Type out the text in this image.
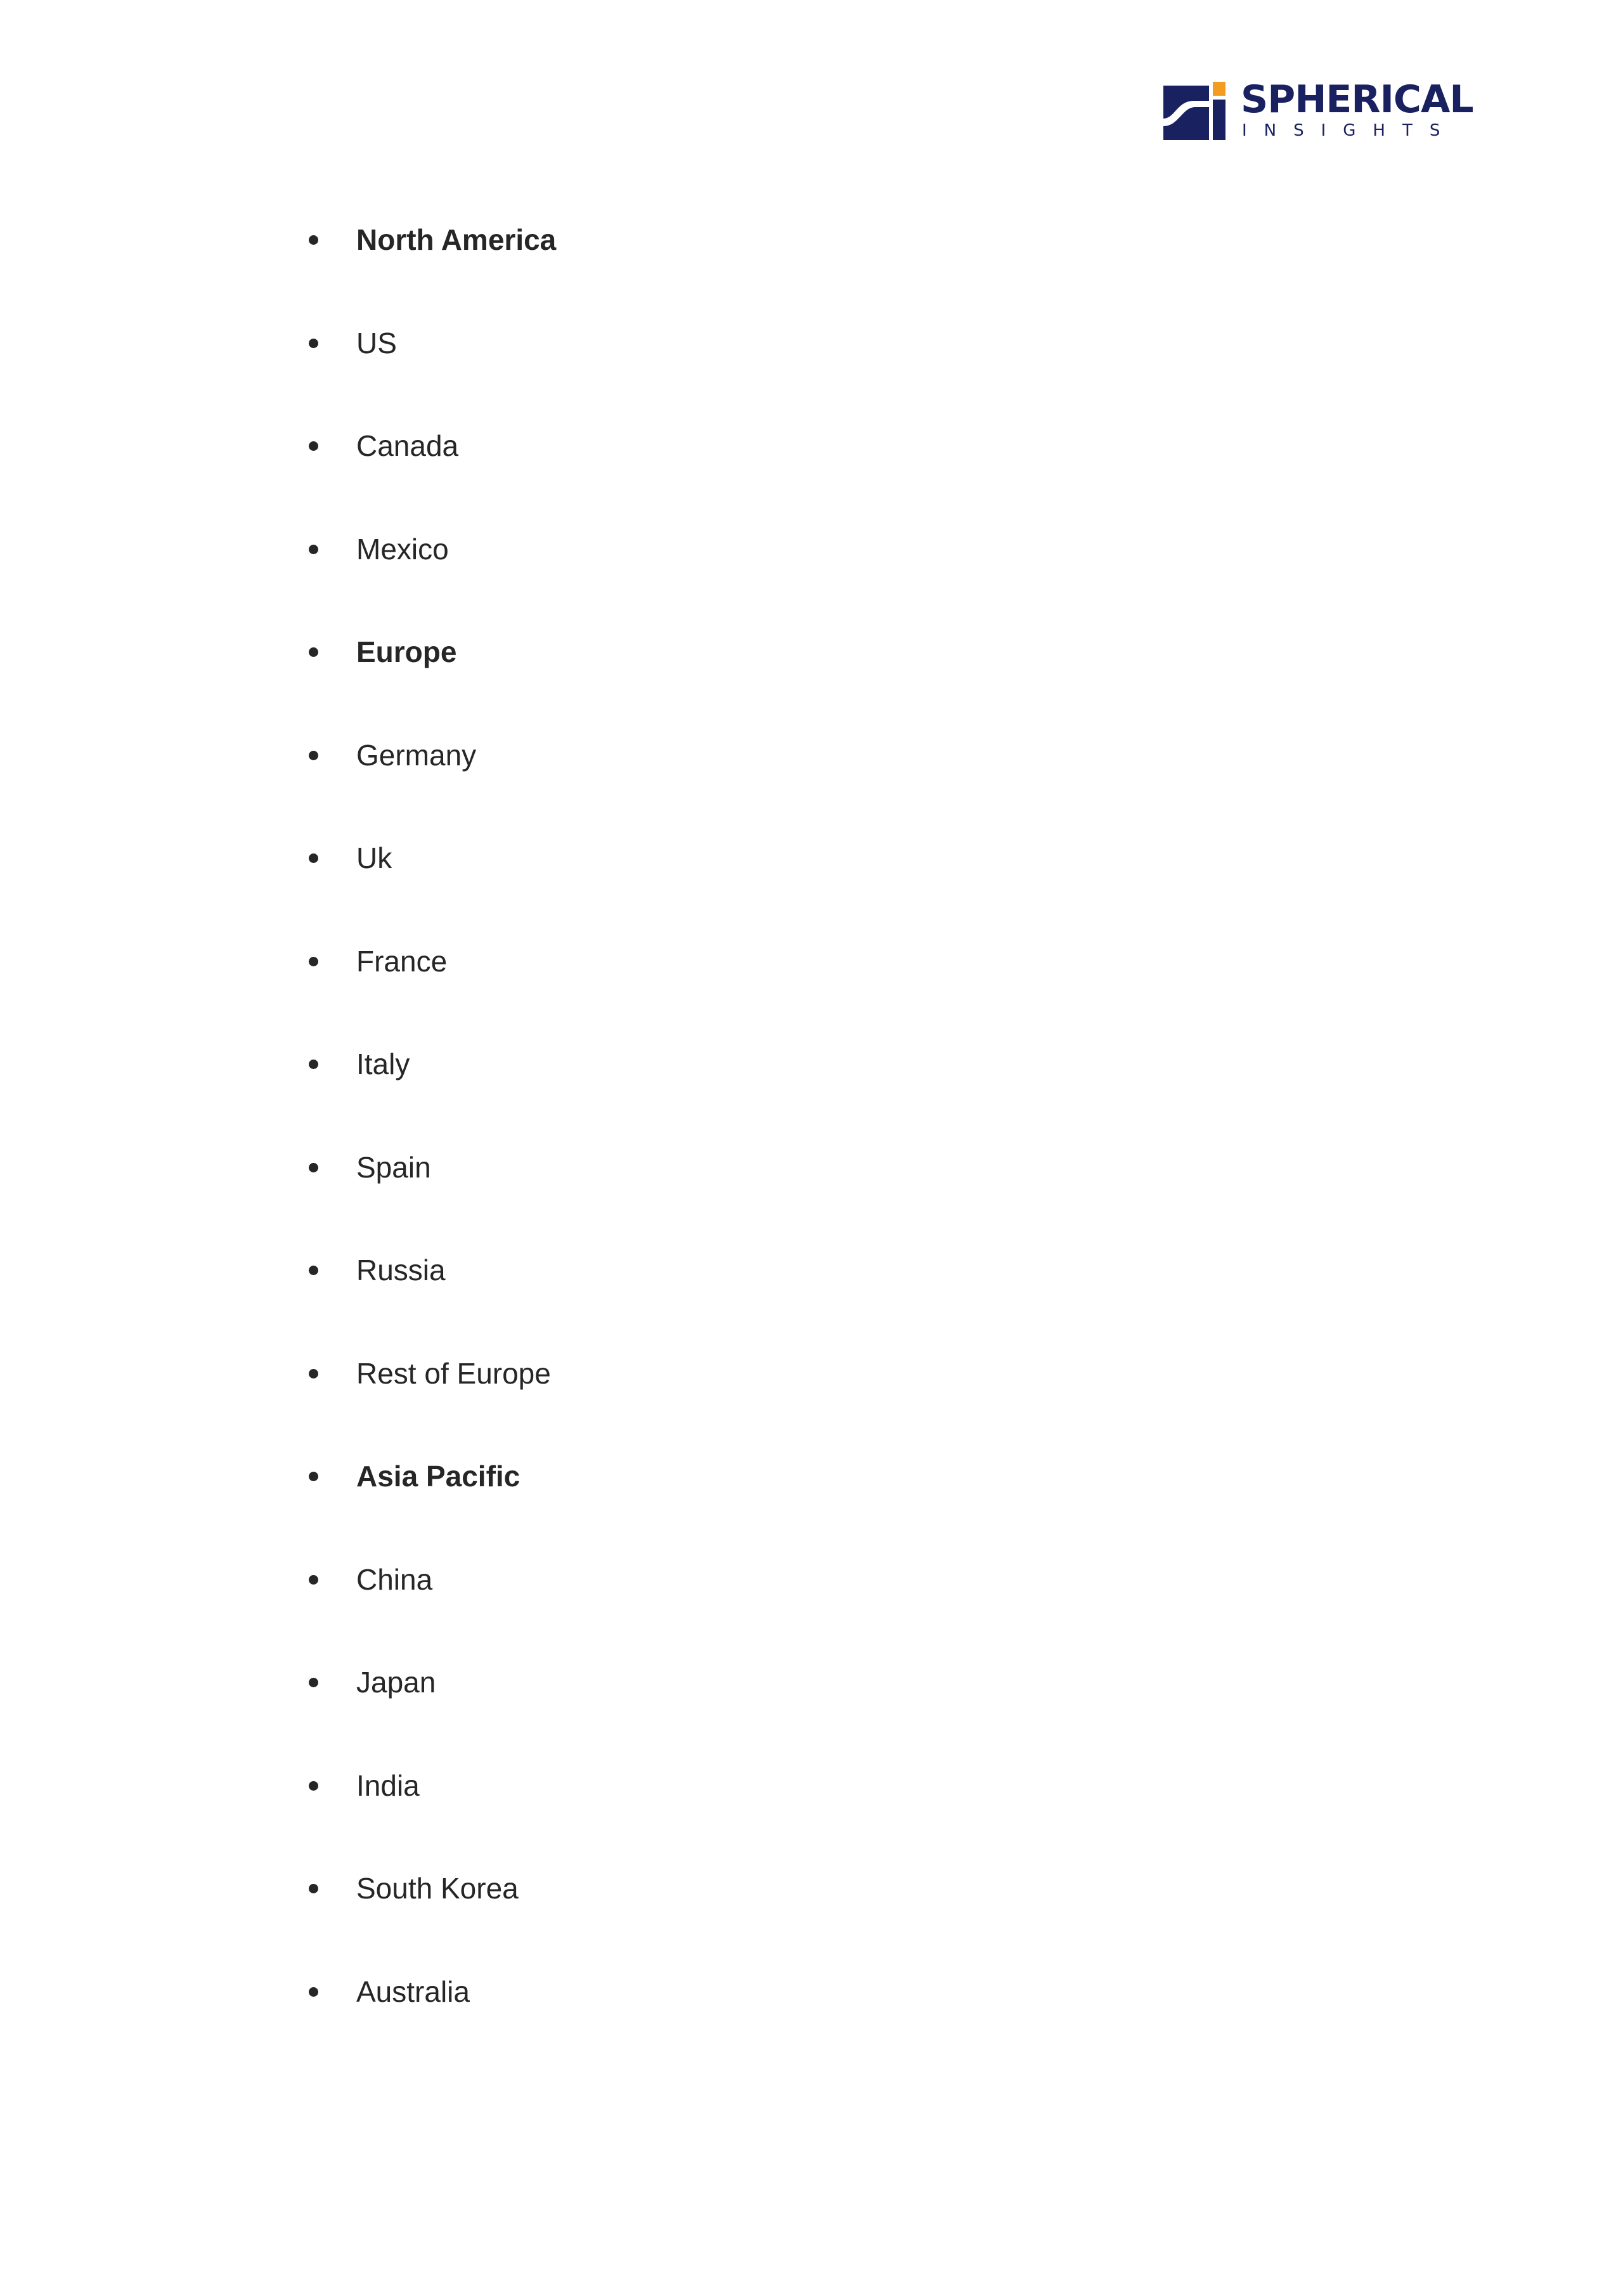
SPHERICAL
INSIGHTS
North America
US
Canada
Mexico
Europe
Germany
Uk
France
Italy
Spain
Russia
Rest of Europe
Asia Pacific
China
Japan
India
South Korea
Australia
